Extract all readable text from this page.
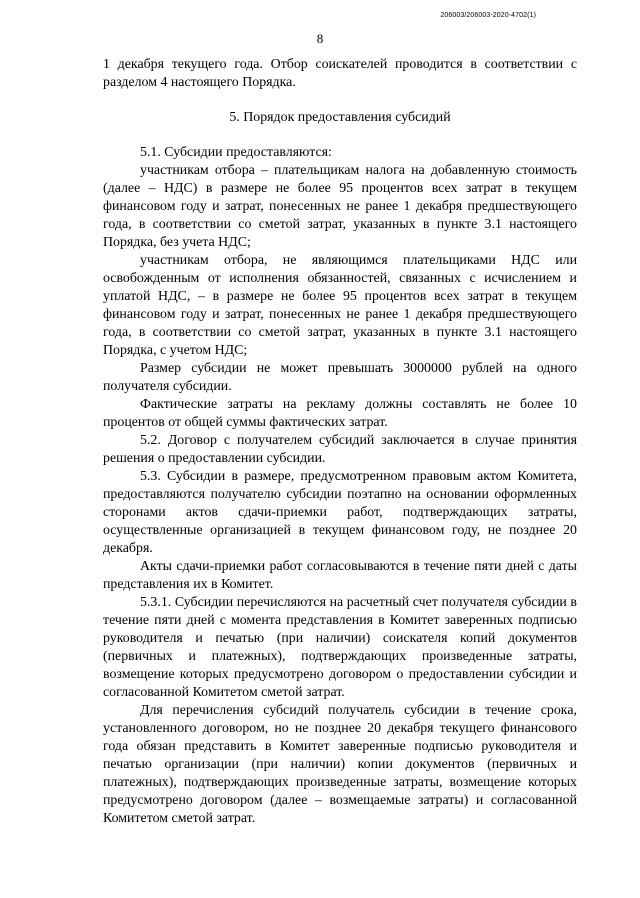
206003/206003-2020-4702(1)
8

1 декабря текущего года. Отбор соискателей проводится в соответствии с разделом 4 настоящего Порядка.

5. Порядок предоставления субсидий

5.1. Субсидии предоставляются:

участникам отбора – плательщикам налога на добавленную стоимость (далее – НДС) в размере не более 95 процентов всех затрат в текущем финансовом году и затрат, понесенных не ранее 1 декабря предшествующего года, в соответствии со сметой затрат, указанных в пункте 3.1 настоящего Порядка, без учета НДС;

участникам отбора, не являющимся плательщиками НДС или освобожденным от исполнения обязанностей, связанных с исчислением и уплатой НДС, – в размере не более 95 процентов всех затрат в текущем финансовом году и затрат, понесенных не ранее 1 декабря предшествующего года, в соответствии со сметой затрат, указанных в пункте 3.1 настоящего Порядка, с учетом НДС;

Размер субсидии не может превышать 3000000 рублей на одного получателя субсидии.

Фактические затраты на рекламу должны составлять не более 10 процентов от общей суммы фактических затрат.

5.2. Договор с получателем субсидий заключается в случае принятия решения о предоставлении субсидии.

5.3. Субсидии в размере, предусмотренном правовым актом Комитета, предоставляются получателю субсидии поэтапно на основании оформленных сторонами актов сдачи-приемки работ, подтверждающих затраты, осуществленные организацией в текущем финансовом году, не позднее 20 декабря.

Акты сдачи-приемки работ согласовываются в течение пяти дней с даты представления их в Комитет.

5.3.1. Субсидии перечисляются на расчетный счет получателя субсидии в течение пяти дней с момента представления в Комитет заверенных подписью руководителя и печатью (при наличии) соискателя копий документов (первичных и платежных), подтверждающих произведенные затраты, возмещение которых предусмотрено договором о предоставлении субсидии и согласованной Комитетом сметой затрат.

Для перечисления субсидий получатель субсидии в течение срока, установленного договором, но не позднее 20 декабря текущего финансового года обязан представить в Комитет заверенные подписью руководителя и печатью организации (при наличии) копии документов (первичных и платежных), подтверждающих произведенные затраты, возмещение которых предусмотрено договором (далее – возмещаемые затраты) и согласованной Комитетом сметой затрат.
